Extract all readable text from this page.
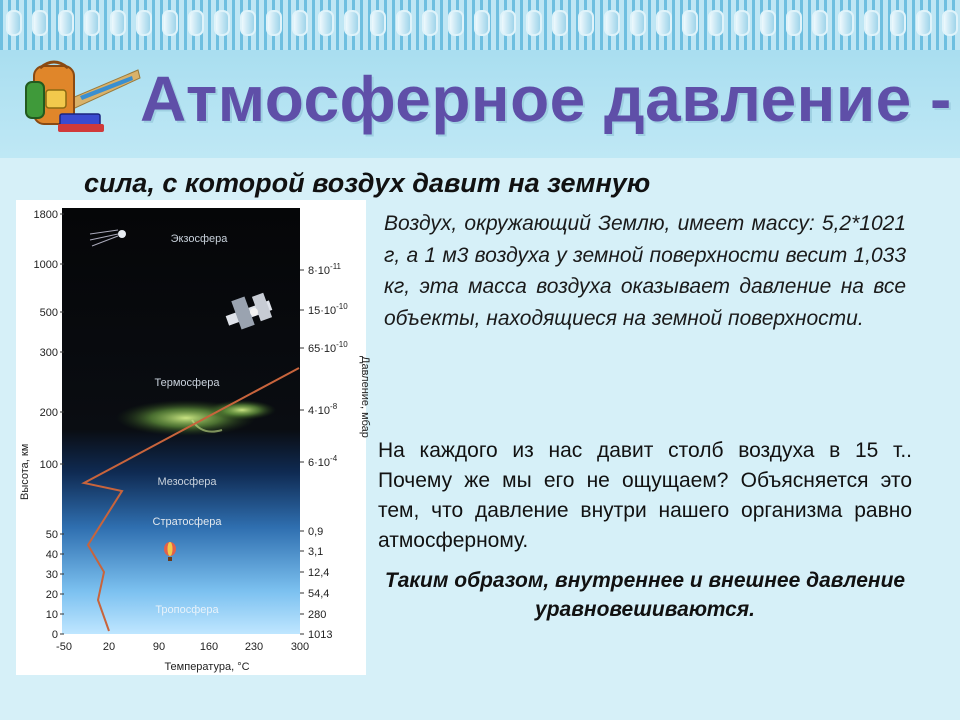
Атмосферное давление -
сила, с которой воздух давит на земную
Экзосфера
Термосфера
Мезосфера
Стратосфера
Тропосфера
Высота, км
Давление, мбар
Температура, °С
1800
1000
500
300
200
100
50
40
30
20
10
0
$8\cdot 10^{-11}$
$15\cdot 10^{-10}$
$65\cdot 10^{-10}$
$4\cdot 10^{-8}$
$6\cdot 10^{-4}$
0,9
3,1
12,4
54,4
280
1013
-50	20	90	160 230	300
Воздух, окружающий Землю, имеет массу: 5,2*1021 г, а 1 м3 воздуха у земной поверхности весит 1,033 кг, эта масса воздуха оказывает давление на все объекты, находящиеся на земной поверхности.
На каждого из нас давит столб воздуха в 15 т.. Почему же мы его не ощущаем? Объясняется это тем, что давление внутри нашего организма равно атмосферному.
Таким образом, внутреннее и внешнее давление уравновешиваются.
